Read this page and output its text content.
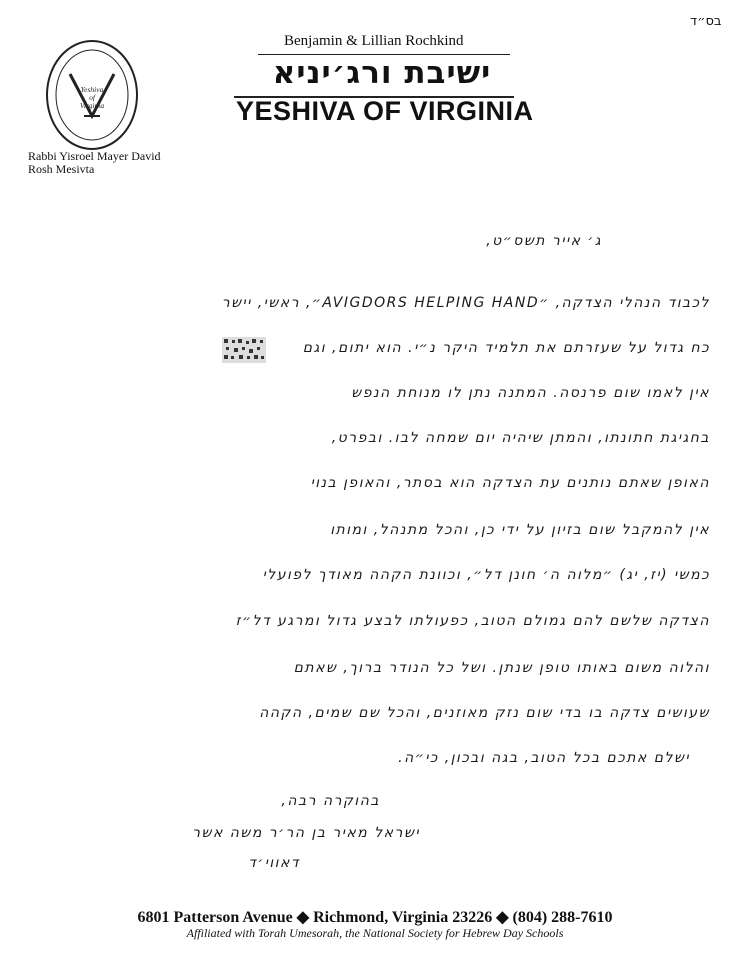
בס״ד
Yeshiva
of
Virginia
Benjamin & Lillian Rochkind
ישיבת ורג׳יניא
YESHIVA OF VIRGINIA
Rabbi Yisroel Mayer David
Rosh Mesivta
ג׳ אייר תשס״ט,
לכבוד הנהלי הצדקה, ״AVIGDORS HELPING HAND״, ראשי, יישר
כח גדול על שעזרתם את תלמיד היקר נ״י. הוא יתום, וגם
אין לאמו שום פרנסה. המתנה נתן לו מנוחת הנפש
בחגיגת חתונתו, והמתן שיהיה יום שמחה לבו. ובפרט,
האופן שאתם נותנים עת הצדקה הוא בסתר, והאופן בנוי
אין להמקבל שום בזיון על ידי כן, והכל מתנהל, ומותו
כמשי (יז, יג) ״מלוה ה׳ חונן דל״, וכוונת הקהה מאודך לפועלי
הצדקה שלשם להם גמולם הטוב, כפעולתו לבצע גדול ומרגע דל״ז
והלוה משום באותו טופן שנתן. ושל כל הנודר ברוך, שאתם
שעושים צדקה בו בדי שום נזק מאוזנים, והכל שם שמים, הקהה
ישלם אתכם בכל הטוב, בגה ובכון, כי״ה.
בהוקרה רבה,
ישראל מאיר בן הר׳ר משה אשר
דאווי׳ד
6801 Patterson Avenue ◆ Richmond, Virginia 23226 ◆ (804) 288-7610
Affiliated with Torah Umesorah, the National Society for Hebrew Day Schools
